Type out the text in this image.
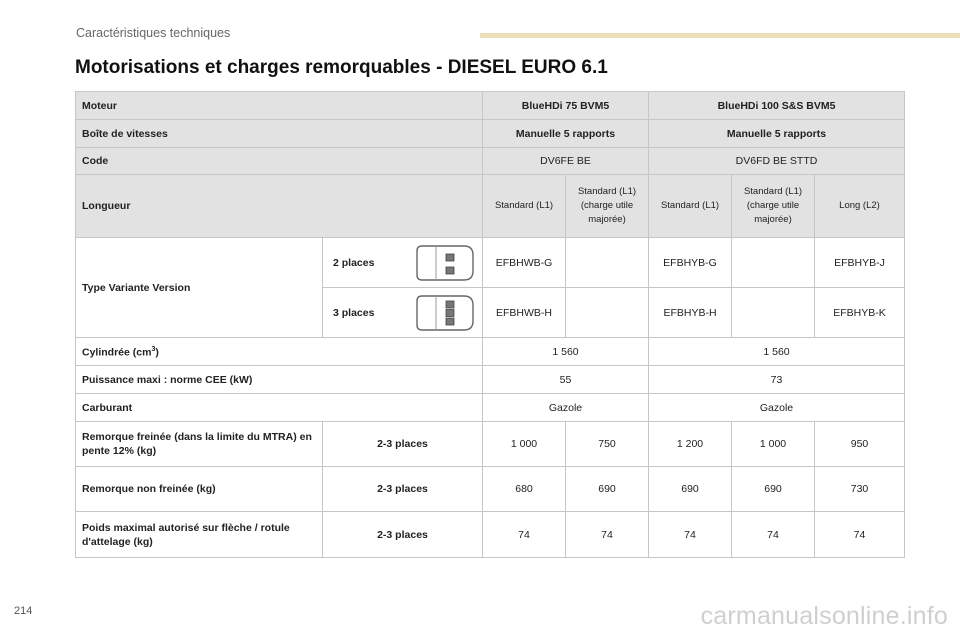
Caractéristiques techniques
Motorisations et charges remorquables - DIESEL EURO 6.1
Moteur		BlueHDi 75 BVM5		BlueHDi 100 S&S BVM5		
Boîte de vitesses		Manuelle 5 rapports		Manuelle 5 rapports		
Code		DV6FE BE		DV6FD BE STTD		
Longueur		Standard (L1)	Standard (L1) (charge utile majorée)	Standard (L1)	Standard (L1) (charge utile majorée)	Long (L2)
Type Variante Version	2 places	EFBHWB-G		EFBHYB-G		EFBHYB-J

	3 places	EFBHWB-H		EFBHYB-H		EFBHYB-K
Cylindrée $(cm^3)$		1 560		1 560		
Puissance maxi : norme CEE (kW)		55		73		
Carburant		Gazole		Gazole		
Remorque freinée (dans la limite du MTRA) en pente 12% (kg)	2-3 places	1 000	750	1 200	1 000	950
Remorque non freinée (kg)	2-3 places	680	690	690	690	730
Poids maximal autorisé sur flèche / rotule d'attelage (kg)	2-3 places	74	74	74	74	74
214	carmanualsonline.info
